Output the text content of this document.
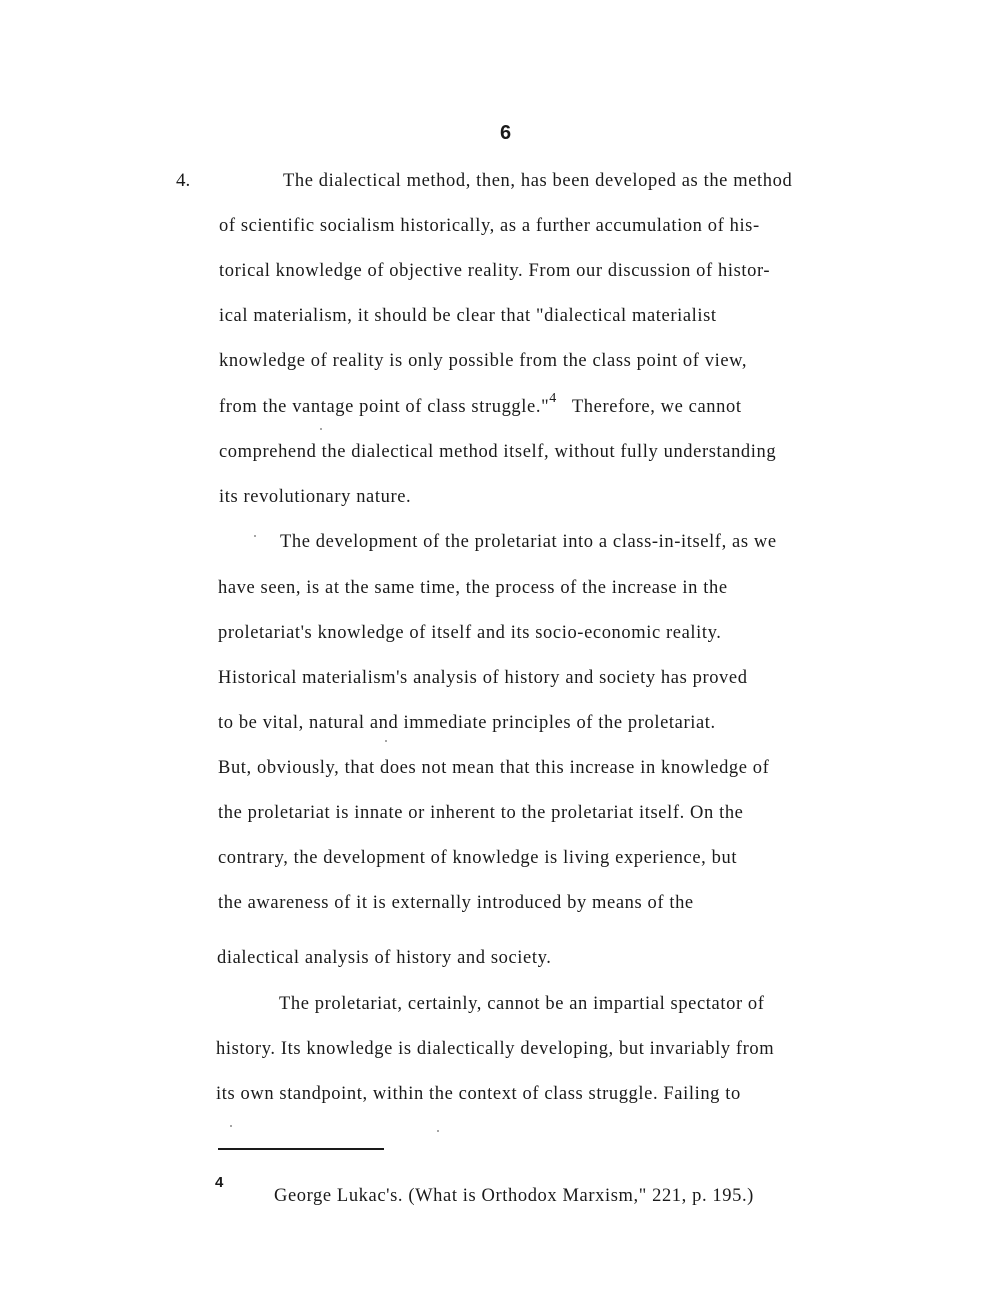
6
4.	The dialectical method, then, has been developed as the method
of scientific socialism historically, as a further accumulation of his-
torical knowledge of objective reality. From our discussion of histor-
ical materialism, it should be clear that "dialectical materialist
knowledge of reality is only possible from the class point of view,
from the vantage point of class struggle."$^4$ Therefore, we cannot
comprehend the dialectical method itself, without fully understanding
its revolutionary nature.
The development of the proletariat into a class-in-itself, as we
have seen, is at the same time, the process of the increase in the
proletariat's knowledge of itself and its socio-economic reality.
Historical materialism's analysis of history and society has proved
to be vital, natural and immediate principles of the proletariat.
But, obviously, that does not mean that this increase in knowledge of
the proletariat is innate or inherent to the proletariat itself. On the
contrary, the development of knowledge is living experience, but
the awareness of it is externally introduced by means of the
dialectical analysis of history and society.
The proletariat, certainly, cannot be an impartial spectator of
history. Its knowledge is dialectically developing, but invariably from
its own standpoint, within the context of class struggle. Failing to
4
George Lukac's. (What is Orthodox Marxism," 221, p. 195.)
